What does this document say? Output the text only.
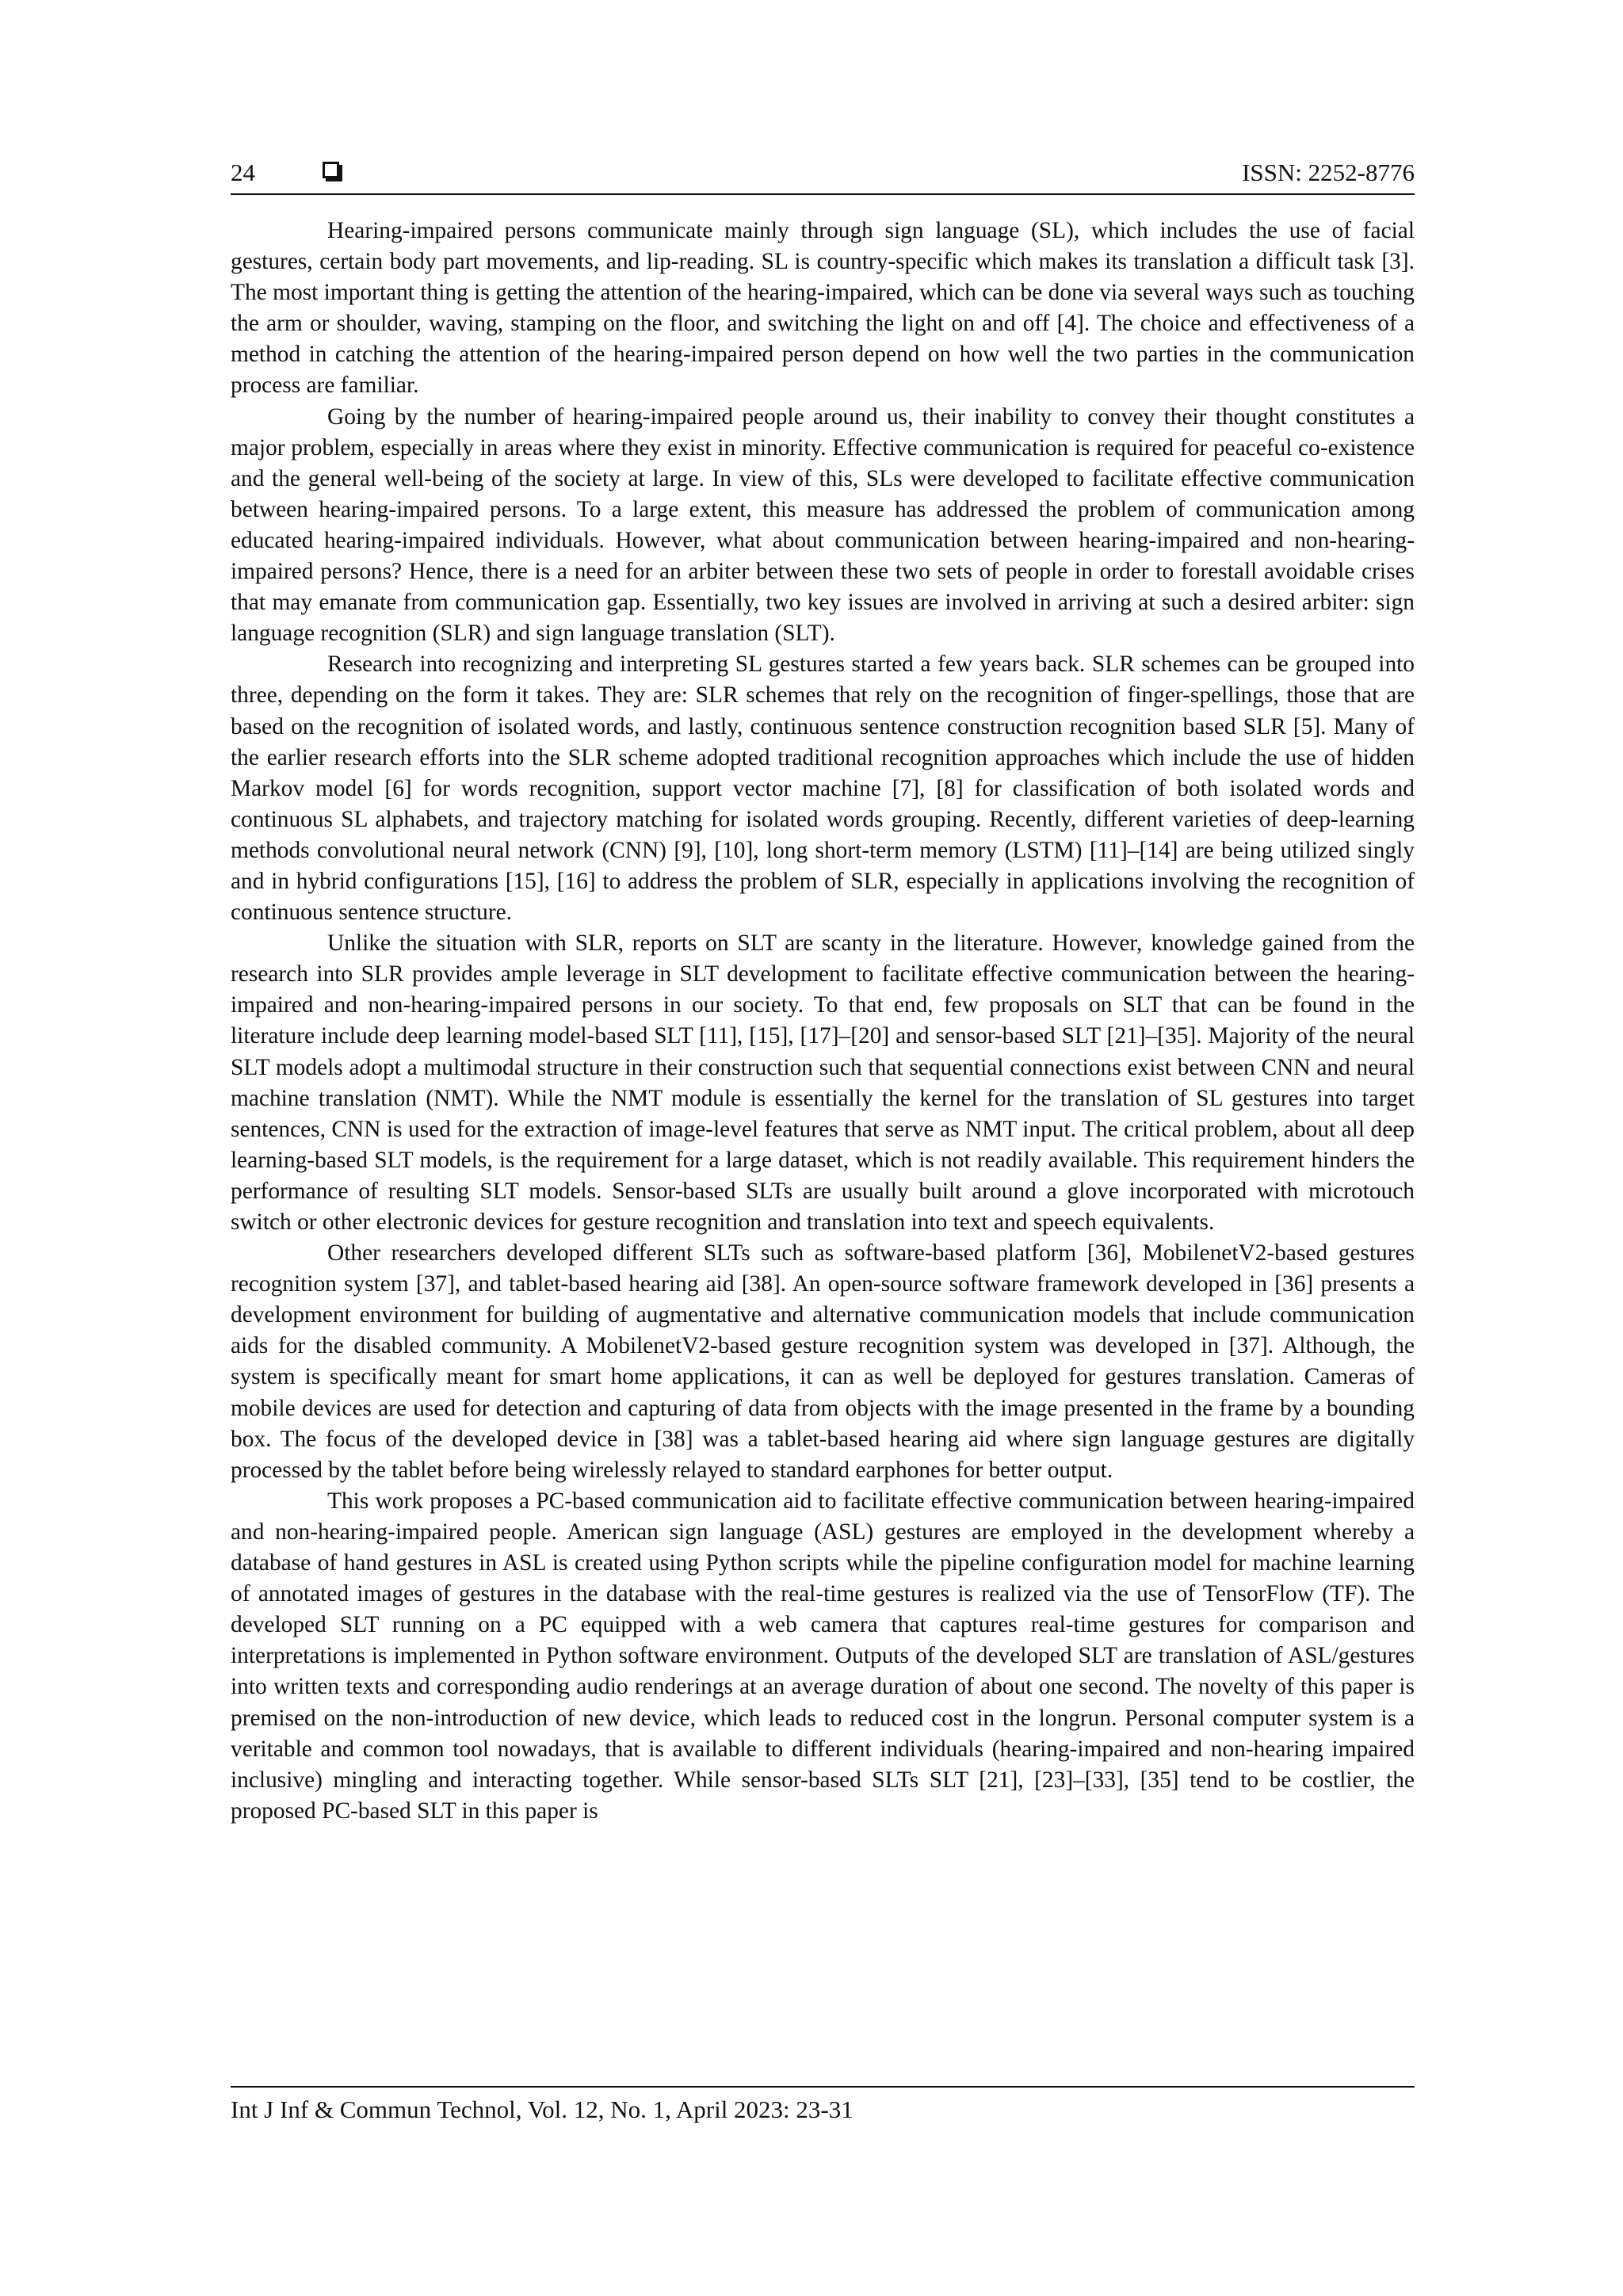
24	ISSN: 2252-8776

Hearing-impaired persons communicate mainly through sign language (SL), which includes the use of facial gestures, certain body part movements, and lip-reading. SL is country-specific which makes its translation a difficult task [3]. The most important thing is getting the attention of the hearing-impaired, which can be done via several ways such as touching the arm or shoulder, waving, stamping on the floor, and switching the light on and off [4]. The choice and effectiveness of a method in catching the attention of the hearing-impaired person depend on how well the two parties in the communication process are familiar.

Going by the number of hearing-impaired people around us, their inability to convey their thought constitutes a major problem, especially in areas where they exist in minority. Effective communication is required for peaceful co-existence and the general well-being of the society at large. In view of this, SLs were developed to facilitate effective communication between hearing-impaired persons. To a large extent, this measure has addressed the problem of communication among educated hearing-impaired individuals. However, what about communication between hearing-impaired and non-hearing-impaired persons? Hence, there is a need for an arbiter between these two sets of people in order to forestall avoidable crises that may emanate from communication gap. Essentially, two key issues are involved in arriving at such a desired arbiter: sign language recognition (SLR) and sign language translation (SLT).

Research into recognizing and interpreting SL gestures started a few years back. SLR schemes can be grouped into three, depending on the form it takes. They are: SLR schemes that rely on the recognition of finger-spellings, those that are based on the recognition of isolated words, and lastly, continuous sentence construction recognition based SLR [5]. Many of the earlier research efforts into the SLR scheme adopted traditional recognition approaches which include the use of hidden Markov model [6] for words recognition, support vector machine [7], [8] for classification of both isolated words and continuous SL alphabets, and trajectory matching for isolated words grouping. Recently, different varieties of deep-learning methods convolutional neural network (CNN) [9], [10], long short-term memory (LSTM) [11]–[14] are being utilized singly and in hybrid configurations [15], [16] to address the problem of SLR, especially in applications involving the recognition of continuous sentence structure.

Unlike the situation with SLR, reports on SLT are scanty in the literature. However, knowledge gained from the research into SLR provides ample leverage in SLT development to facilitate effective communication between the hearing-impaired and non-hearing-impaired persons in our society. To that end, few proposals on SLT that can be found in the literature include deep learning model-based SLT [11], [15], [17]–[20] and sensor-based SLT [21]–[35]. Majority of the neural SLT models adopt a multimodal structure in their construction such that sequential connections exist between CNN and neural machine translation (NMT). While the NMT module is essentially the kernel for the translation of SL gestures into target sentences, CNN is used for the extraction of image-level features that serve as NMT input. The critical problem, about all deep learning-based SLT models, is the requirement for a large dataset, which is not readily available. This requirement hinders the performance of resulting SLT models. Sensor-based SLTs are usually built around a glove incorporated with microtouch switch or other electronic devices for gesture recognition and translation into text and speech equivalents.

Other researchers developed different SLTs such as software-based platform [36], MobilenetV2-based gestures recognition system [37], and tablet-based hearing aid [38]. An open-source software framework developed in [36] presents a development environment for building of augmentative and alternative communication models that include communication aids for the disabled community. A MobilenetV2-based gesture recognition system was developed in [37]. Although, the system is specifically meant for smart home applications, it can as well be deployed for gestures translation. Cameras of mobile devices are used for detection and capturing of data from objects with the image presented in the frame by a bounding box. The focus of the developed device in [38] was a tablet-based hearing aid where sign language gestures are digitally processed by the tablet before being wirelessly relayed to standard earphones for better output.

This work proposes a PC-based communication aid to facilitate effective communication between hearing-impaired and non-hearing-impaired people. American sign language (ASL) gestures are employed in the development whereby a database of hand gestures in ASL is created using Python scripts while the pipeline configuration model for machine learning of annotated images of gestures in the database with the real-time gestures is realized via the use of TensorFlow (TF). The developed SLT running on a PC equipped with a web camera that captures real-time gestures for comparison and interpretations is implemented in Python software environment. Outputs of the developed SLT are translation of ASL/gestures into written texts and corresponding audio renderings at an average duration of about one second. The novelty of this paper is premised on the non-introduction of new device, which leads to reduced cost in the longrun. Personal computer system is a veritable and common tool nowadays, that is available to different individuals (hearing-impaired and non-hearing impaired inclusive) mingling and interacting together. While sensor-based SLTs SLT [21], [23]–[33], [35] tend to be costlier, the proposed PC-based SLT in this paper is

Int J Inf & Commun Technol, Vol. 12, No. 1, April 2023: 23-31
